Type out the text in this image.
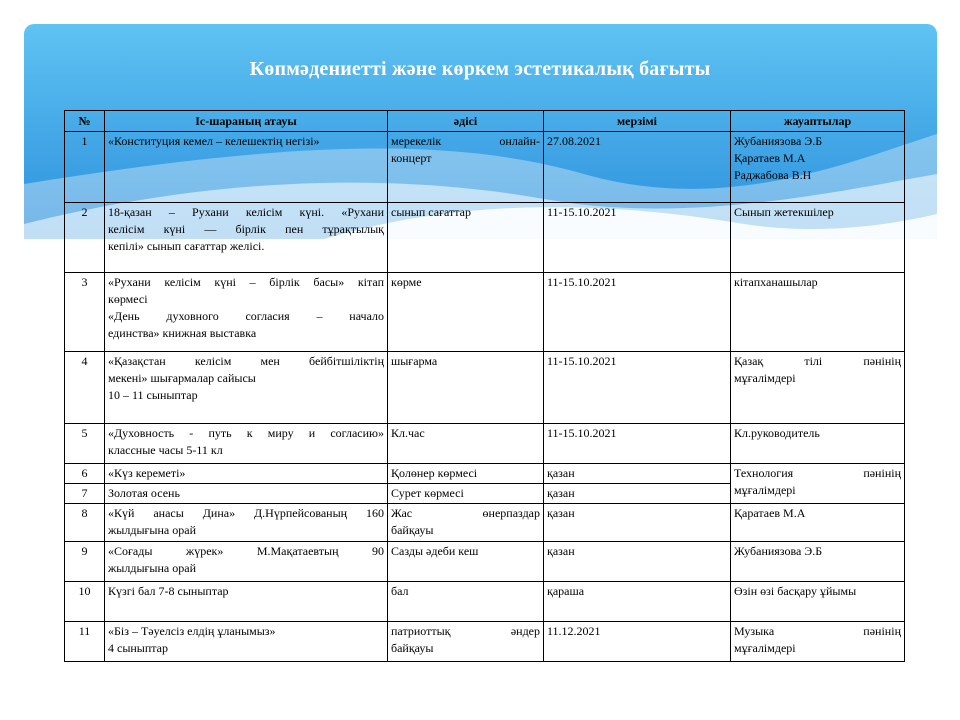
Көпмәдениетті және көркем эстетикалық бағыты
№	Іс-шараның атауы	әдісі	мерзімі	жауаптылар
1	«Конституция кемел – келешектің негізі»	мерекелік онлайн-
концерт	27.08.2021	Жубаниязова Э.Б
Қаратаев М.А
Раджабова В.Н

2	18-қазан – Рухани келісім күні. «Рухани
келісім күні — бірлік пен тұрақтылық
кепілі» сынып сағаттар желісі.	сынып сағаттар	11-15.10.2021	Сынып жетекшілер

3	«Рухани келісім күні – бірлік басы» кітап
көрмесі
«День духовного согласия – начало
единства» книжная выставка	көрме	11-15.10.2021	кітапханашылар

4	«Қазақстан келісім мен бейбітшіліктің
мекені» шығармалар сайысы
10 – 11 сыныптар	шығарма	11-15.10.2021	Қазақ тілі пәнінің
мұғалімдері

5	«Духовность - путь к миру и согласию»
классные часы 5-11 кл	Кл.час	11-15.10.2021	Кл.руководитель

6	«Күз кереметі»	Қолөнер көрмесі	қазан	Технология пәнінің
мұғалімдері

7	Золотая осень	Сурет көрмесі	қазан	
8	«Күй анасы Дина» Д.Нүрпейсованың 160
жылдығына орай	Жас өнерпаздар
байқауы	қазан	Қаратаев М.А

9	«Соғады жүрек» М.Мақатаевтың 90
жылдығына орай	Сазды әдеби кеш	қазан	Жубаниязова Э.Б

10	Күзгі бал 7-8 сыныптар	бал	қараша	Өзін өзі басқару ұйымы

11	«Біз – Тәуелсіз елдің ұланымыз»
4 сыныптар	патриоттық әндер
байқауы	11.12.2021	Музыка пәнінің
мұғалімдері
